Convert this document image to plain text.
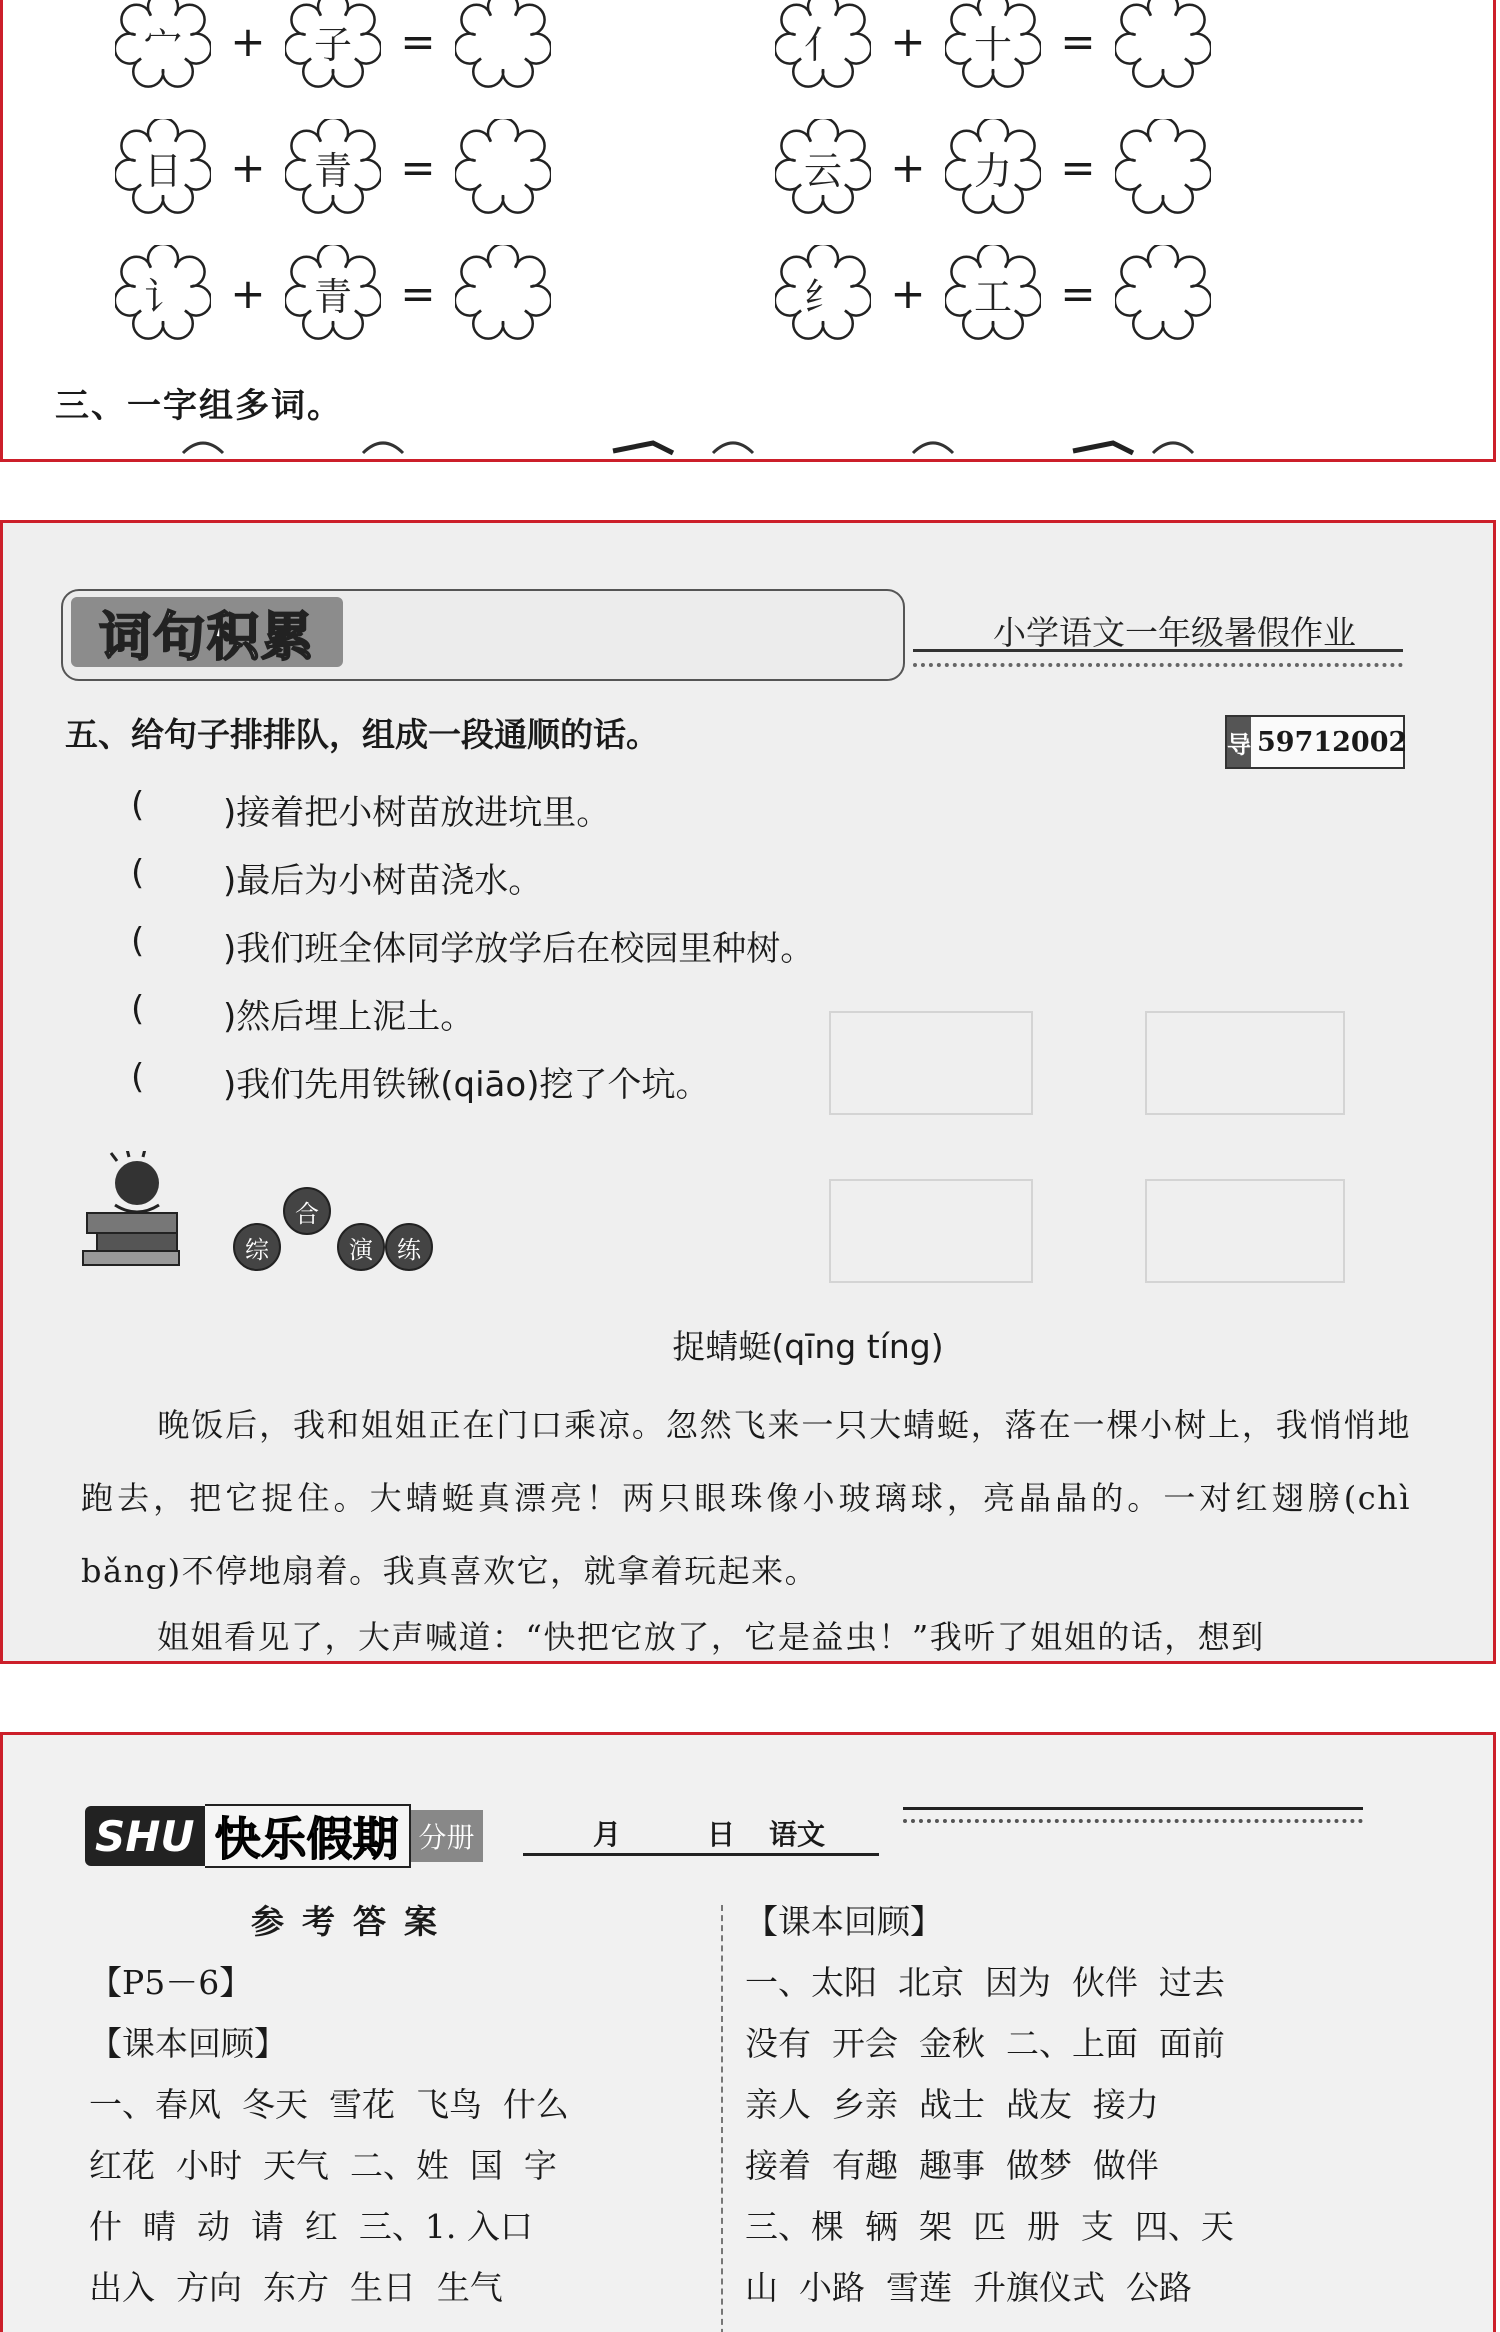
宀	+	子	=	亻	+	十	=
日	+	青	=	云	+	力	=
讠	+	青	=	纟	+	工	=
三、一字组多词。
词句积累	小学语文一年级暑假作业
五、给句子排排队，组成一段通顺的话。	导 59712002
(	)接着把小树苗放进坑里。
(	)最后为小树苗浇水。
(	)我们班全体同学放学后在校园里种树。
(	)然后埋上泥土。
(	)我们先用铁锹(qiāo)挖了个坑。
综
合
演	练
捉蜻蜓(qīng tíng)
晚饭后，我和姐姐正在门口乘凉。忽然飞来一只大蜻蜓，落在一棵小树上，我悄悄地跑去，把它捉住。大蜻蜓真漂亮！两只眼珠像小玻璃球，亮晶晶的。一对红翅膀(chì bǎng)不停地扇着。我真喜欢它，就拿着玩起来。
姐姐看见了，大声喊道：“快把它放了，它是益虫！”我听了姐姐的话，想到
SHU 快乐假期 分册	月	日 语文
参考答案
【P5－6】
【课本回顾】
一、春风  冬天  雪花  飞鸟  什么
红花  小时  天气  二、姓  国  字
什  晴  动  请  红  三、1. 入口
出入  方向  东方  生日  生气
【课本回顾】
一、太阳  北京  因为  伙伴  过去
没有  开会  金秋  二、上面  面前
亲人  乡亲  战士  战友  接力
接着  有趣  趣事  做梦  做伴
三、棵  辆  架  匹  册  支  四、天
山  小路  雪莲  升旗仪式  公路
